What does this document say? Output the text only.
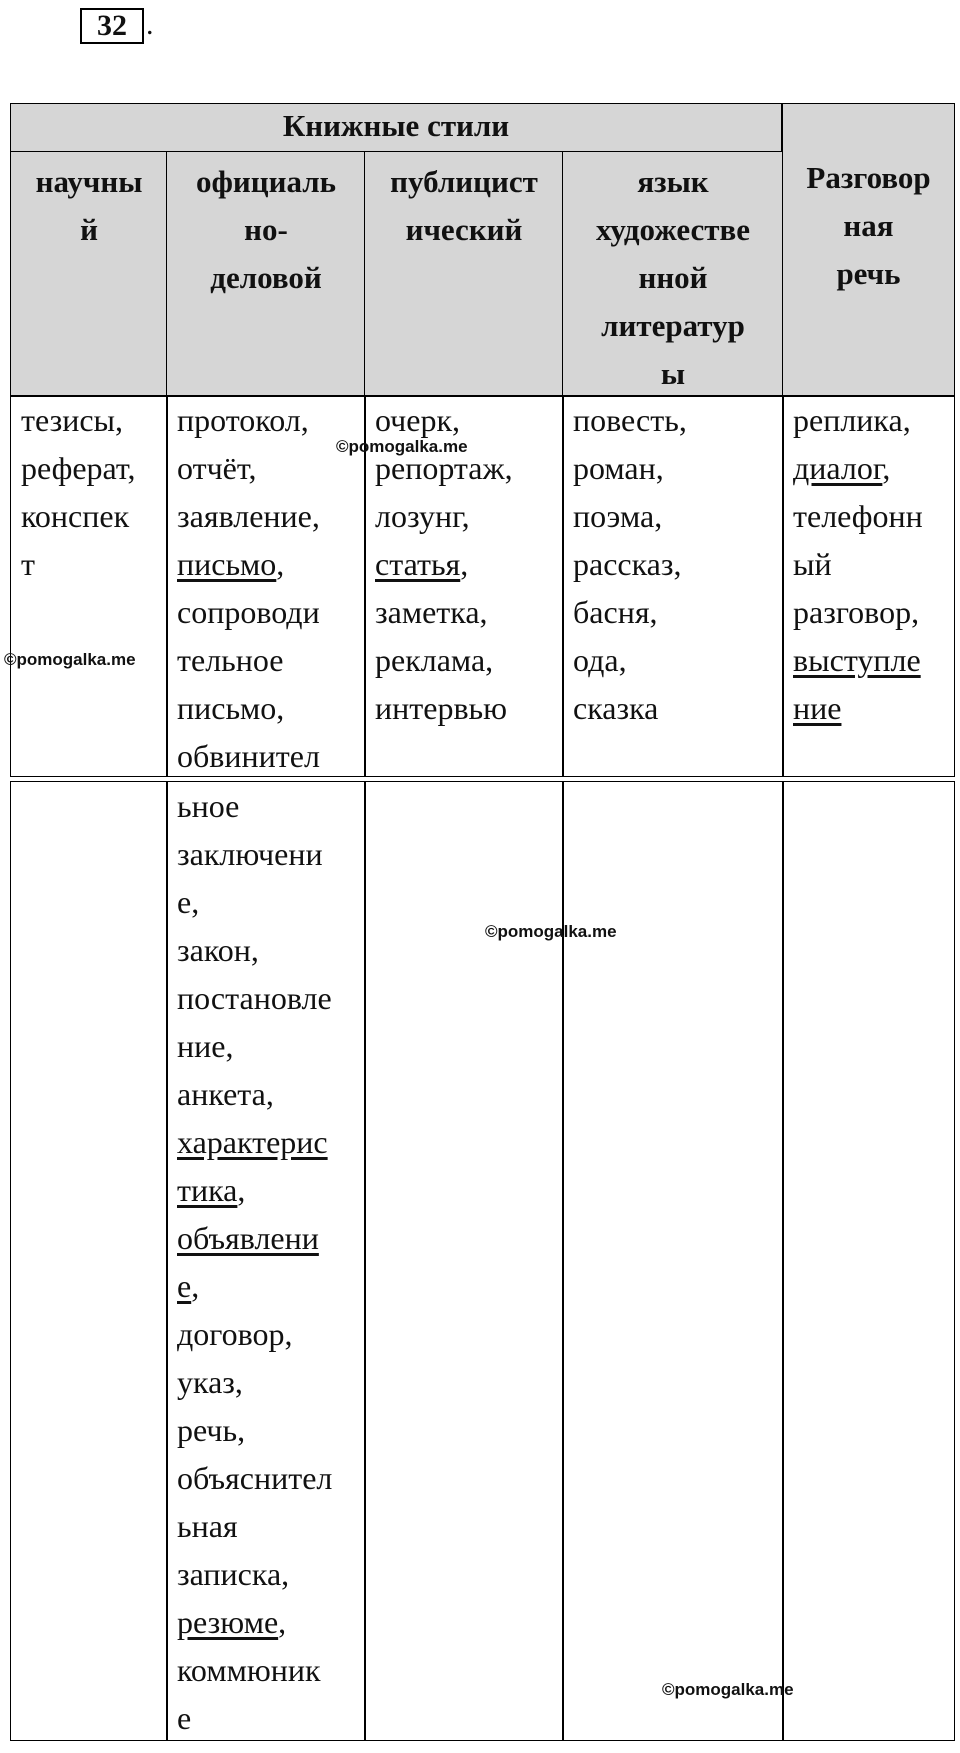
32 .
Книжные стили
научны
й
официаль
но-
деловой
публицист
ический
язык
художестве
нной
литератур
ы
Разговор
ная
речь
тезисы,
реферат,
конспек
т
протокол,
отчёт,
заявление,
письмо,
сопроводи
тельное
письмо,
обвинител
очерк,
репортаж,
лозунг,
статья,
заметка,
реклама,
интервью
повесть,
роман,
поэма,
рассказ,
басня,
ода,
сказка
реплика,
диалог,
телефонн
ый
разговор,
выступле
ние
ьное
заключени
е,
закон,
постановле
ние,
анкета,
характерис
тика,
объявлени
е,
договор,
указ,
речь,
объяснител
ьная
записка,
резюме,
коммюник
е
©pomogalka.me
©pomogalka.me
©pomogalka.me
©pomogalka.me
